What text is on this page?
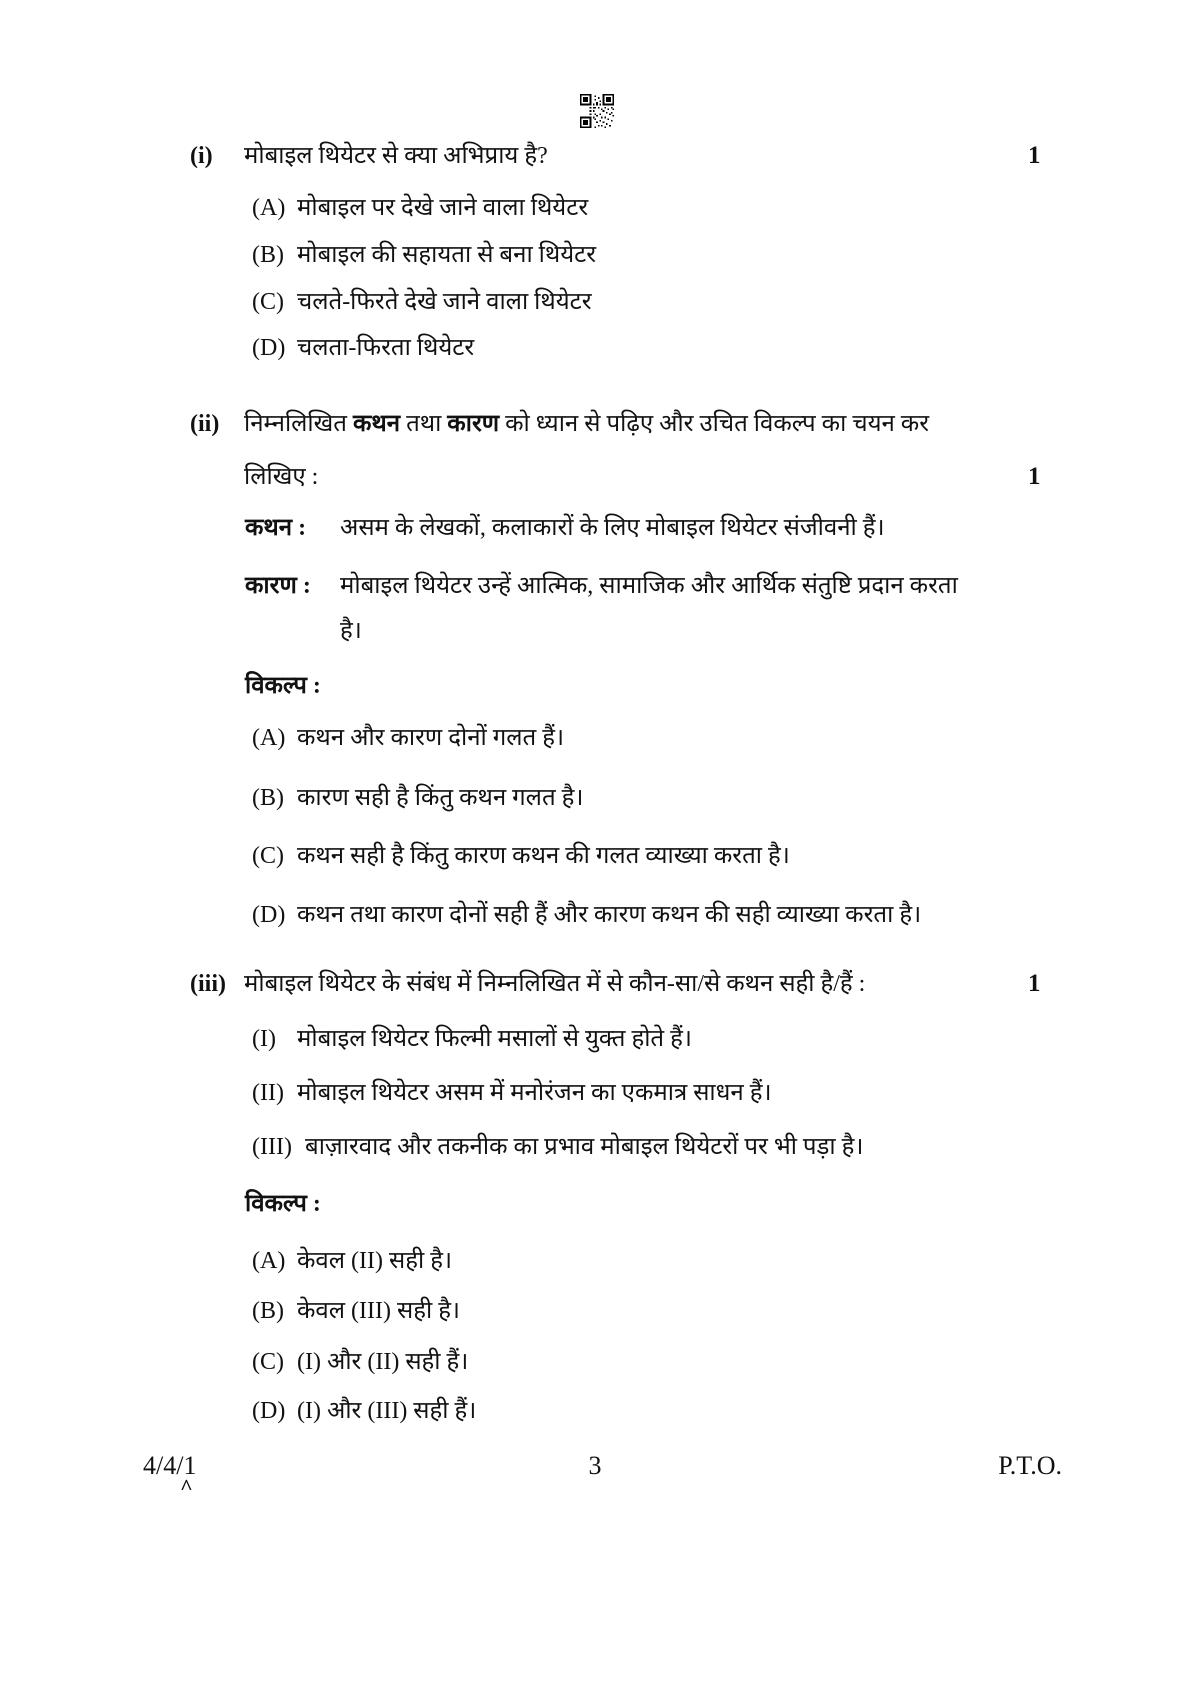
(i) मोबाइल थियेटर से क्या अभिप्राय है?	1
(A) मोबाइल पर देखे जाने वाला थियेटर
(B) मोबाइल की सहायता से बना थियेटर
(C) चलते-फिरते देखे जाने वाला थियेटर
(D) चलता-फिरता थियेटर
(ii) निम्नलिखित कथन तथा कारण को ध्यान से पढ़िए और उचित विकल्प का चयन कर
लिखिए :	1
कथन : असम के लेखकों, कलाकारों के लिए मोबाइल थियेटर संजीवनी हैं।
कारण : मोबाइल थियेटर उन्हें आत्मिक, सामाजिक और आर्थिक संतुष्टि प्रदान करता
है।
विकल्प :
(A) कथन और कारण दोनों गलत हैं।
(B) कारण सही है किंतु कथन गलत है।
(C) कथन सही है किंतु कारण कथन की गलत व्याख्या करता है।
(D) कथन तथा कारण दोनों सही हैं और कारण कथन की सही व्याख्या करता है।
(iii) मोबाइल थियेटर के संबंध में निम्नलिखित में से कौन-सा/से कथन सही है/हैं :	1
(I) मोबाइल थियेटर फिल्मी मसालों से युक्त होते हैं।
(II) मोबाइल थियेटर असम में मनोरंजन का एकमात्र साधन हैं।
(III) बाज़ारवाद और तकनीक का प्रभाव मोबाइल थियेटरों पर भी पड़ा है।
विकल्प :
(A) केवल (II) सही है।
(B) केवल (III) सही है।
(C) (I) और (II) सही हैं।
(D) (I) और (III) सही हैं।
4/4/1	3	P.T.O.
^
